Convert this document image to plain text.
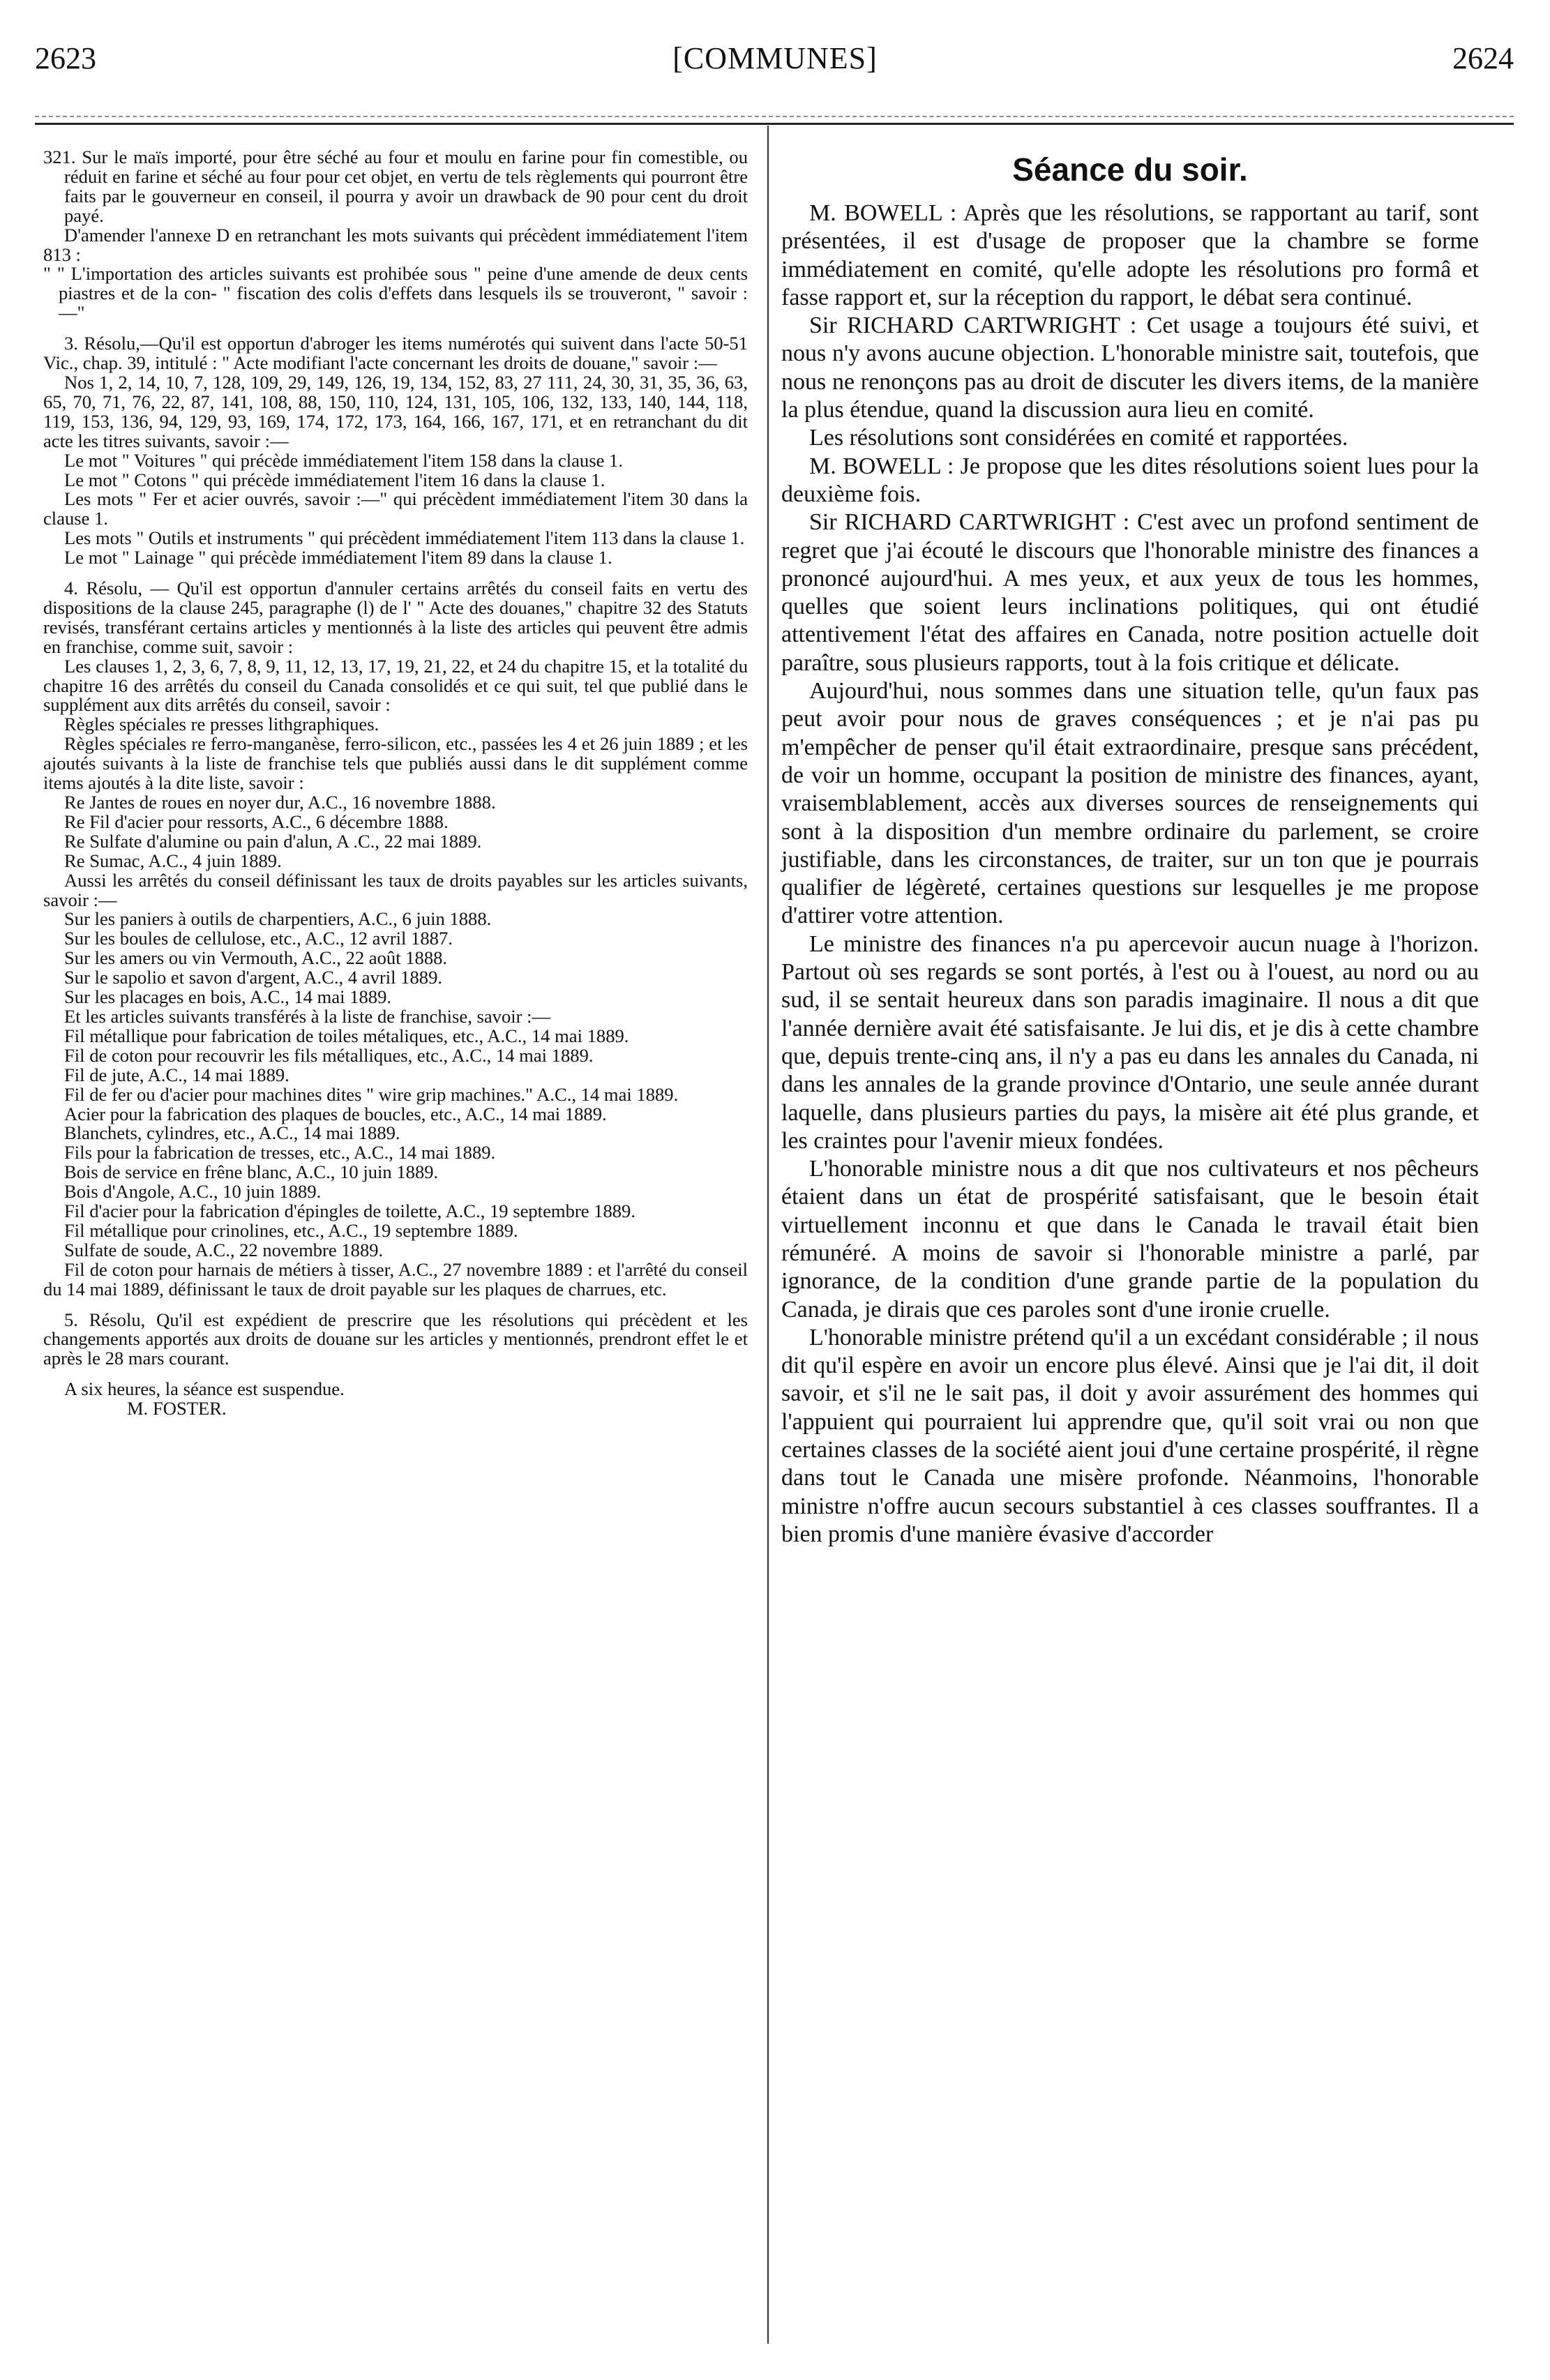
2623	[COMMUNES]	2624

321. Sur le maïs importé, pour être séché au four et moulu en farine pour fin comestible, ou réduit en farine et séché au four pour cet objet, en vertu de tels règlements qui pourront être faits par le gouverneur en conseil, il pourra y avoir un drawback de 90 pour cent du droit payé.

D'amender l'annexe D en retranchant les mots suivants qui précèdent immédiatement l'item 813 :

" " L'importation des articles suivants est prohibée sous " peine d'une amende de deux cents piastres et de la con- " fiscation des colis d'effets dans lesquels ils se trouveront, " savoir :—"

3. Résolu,—Qu'il est opportun d'abroger les items numérotés qui suivent dans l'acte 50-51 Vic., chap. 39, intitulé : " Acte modifiant l'acte concernant les droits de douane," savoir :—

Nos 1, 2, 14, 10, 7, 128, 109, 29, 149, 126, 19, 134, 152, 83, 27 111, 24, 30, 31, 35, 36, 63, 65, 70, 71, 76, 22, 87, 141, 108, 88, 150, 110, 124, 131, 105, 106, 132, 133, 140, 144, 118, 119, 153, 136, 94, 129, 93, 169, 174, 172, 173, 164, 166, 167, 171, et en retranchant du dit acte les titres suivants, savoir :—

Le mot " Voitures " qui précède immédiatement l'item 158 dans la clause 1.

Le mot " Cotons " qui précède immédiatement l'item 16 dans la clause 1.

Les mots " Fer et acier ouvrés, savoir :—" qui précèdent immédiatement l'item 30 dans la clause 1.

Les mots " Outils et instruments " qui précèdent immédiatement l'item 113 dans la clause 1.

Le mot " Lainage " qui précède immédiatement l'item 89 dans la clause 1.

4. Résolu, — Qu'il est opportun d'annuler certains arrêtés du conseil faits en vertu des dispositions de la clause 245, paragraphe (l) de l' " Acte des douanes," chapitre 32 des Statuts revisés, transférant certains articles y mentionnés à la liste des articles qui peuvent être admis en franchise, comme suit, savoir :

Les clauses 1, 2, 3, 6, 7, 8, 9, 11, 12, 13, 17, 19, 21, 22, et 24 du chapitre 15, et la totalité du chapitre 16 des arrêtés du conseil du Canada consolidés et ce qui suit, tel que publié dans le supplément aux dits arrêtés du conseil, savoir :

Règles spéciales re presses lithgraphiques.

Règles spéciales re ferro-manganèse, ferro-silicon, etc., passées les 4 et 26 juin 1889 ; et les ajoutés suivants à la liste de franchise tels que publiés aussi dans le dit supplément comme items ajoutés à la dite liste, savoir :

Re Jantes de roues en noyer dur, A.C., 16 novembre 1888.

Re Fil d'acier pour ressorts, A.C., 6 décembre 1888.

Re Sulfate d'alumine ou pain d'alun, A .C., 22 mai 1889.

Re Sumac, A.C., 4 juin 1889.

Aussi les arrêtés du conseil définissant les taux de droits payables sur les articles suivants, savoir :—

Sur les paniers à outils de charpentiers, A.C., 6 juin 1888.

Sur les boules de cellulose, etc., A.C., 12 avril 1887.

Sur les amers ou vin Vermouth, A.C., 22 août 1888.

Sur le sapolio et savon d'argent, A.C., 4 avril 1889.

Sur les placages en bois, A.C., 14 mai 1889.

Et les articles suivants transférés à la liste de franchise, savoir :—

Fil métallique pour fabrication de toiles métaliques, etc., A.C., 14 mai 1889.

Fil de coton pour recouvrir les fils métalliques, etc., A.C., 14 mai 1889.

Fil de jute, A.C., 14 mai 1889.

Fil de fer ou d'acier pour machines dites " wire grip machines." A.C., 14 mai 1889.

Acier pour la fabrication des plaques de boucles, etc., A.C., 14 mai 1889.

Blanchets, cylindres, etc., A.C., 14 mai 1889.

Fils pour la fabrication de tresses, etc., A.C., 14 mai 1889.

Bois de service en frêne blanc, A.C., 10 juin 1889.

Bois d'Angole, A.C., 10 juin 1889.

Fil d'acier pour la fabrication d'épingles de toilette, A.C., 19 septembre 1889.

Fil métallique pour crinolines, etc., A.C., 19 septembre 1889.

Sulfate de soude, A.C., 22 novembre 1889.

Fil de coton pour harnais de métiers à tisser, A.C., 27 novembre 1889 : et l'arrêté du conseil du 14 mai 1889, définissant le taux de droit payable sur les plaques de charrues, etc.

5. Résolu, Qu'il est expédient de prescrire que les résolutions qui précèdent et les changements apportés aux droits de douane sur les articles y mentionnés, prendront effet le et après le 28 mars courant.

A six heures, la séance est suspendue.

M. FOSTER.

Séance du soir.

M. BOWELL : Après que les résolutions, se rapportant au tarif, sont présentées, il est d'usage de proposer que la chambre se forme immédiatement en comité, qu'elle adopte les résolutions pro formâ et fasse rapport et, sur la réception du rapport, le débat sera continué.

Sir RICHARD CARTWRIGHT : Cet usage a toujours été suivi, et nous n'y avons aucune objection. L'honorable ministre sait, toutefois, que nous ne renonçons pas au droit de discuter les divers items, de la manière la plus étendue, quand la discussion aura lieu en comité.

Les résolutions sont considérées en comité et rapportées.

M. BOWELL : Je propose que les dites résolutions soient lues pour la deuxième fois.

Sir RICHARD CARTWRIGHT : C'est avec un profond sentiment de regret que j'ai écouté le discours que l'honorable ministre des finances a prononcé aujourd'hui. A mes yeux, et aux yeux de tous les hommes, quelles que soient leurs inclinations politiques, qui ont étudié attentivement l'état des affaires en Canada, notre position actuelle doit paraître, sous plusieurs rapports, tout à la fois critique et délicate.

Aujourd'hui, nous sommes dans une situation telle, qu'un faux pas peut avoir pour nous de graves conséquences ; et je n'ai pas pu m'empêcher de penser qu'il était extraordinaire, presque sans précédent, de voir un homme, occupant la position de ministre des finances, ayant, vraisemblablement, accès aux diverses sources de renseignements qui sont à la disposition d'un membre ordinaire du parlement, se croire justifiable, dans les circonstances, de traiter, sur un ton que je pourrais qualifier de légèreté, certaines questions sur lesquelles je me propose d'attirer votre attention.

Le ministre des finances n'a pu apercevoir aucun nuage à l'horizon. Partout où ses regards se sont portés, à l'est ou à l'ouest, au nord ou au sud, il se sentait heureux dans son paradis imaginaire. Il nous a dit que l'année dernière avait été satisfaisante. Je lui dis, et je dis à cette chambre que, depuis trente-cinq ans, il n'y a pas eu dans les annales du Canada, ni dans les annales de la grande province d'Ontario, une seule année durant laquelle, dans plusieurs parties du pays, la misère ait été plus grande, et les craintes pour l'avenir mieux fondées.

L'honorable ministre nous a dit que nos cultivateurs et nos pêcheurs étaient dans un état de prospérité satisfaisant, que le besoin était virtuellement inconnu et que dans le Canada le travail était bien rémunéré. A moins de savoir si l'honorable ministre a parlé, par ignorance, de la condition d'une grande partie de la population du Canada, je dirais que ces paroles sont d'une ironie cruelle.

L'honorable ministre prétend qu'il a un excédant considérable ; il nous dit qu'il espère en avoir un encore plus élevé. Ainsi que je l'ai dit, il doit savoir, et s'il ne le sait pas, il doit y avoir assurément des hommes qui l'appuient qui pourraient lui apprendre que, qu'il soit vrai ou non que certaines classes de la société aient joui d'une certaine prospérité, il règne dans tout le Canada une misère profonde. Néanmoins, l'honorable ministre n'offre aucun secours substantiel à ces classes souffrantes. Il a bien promis d'une manière évasive d'accorder
